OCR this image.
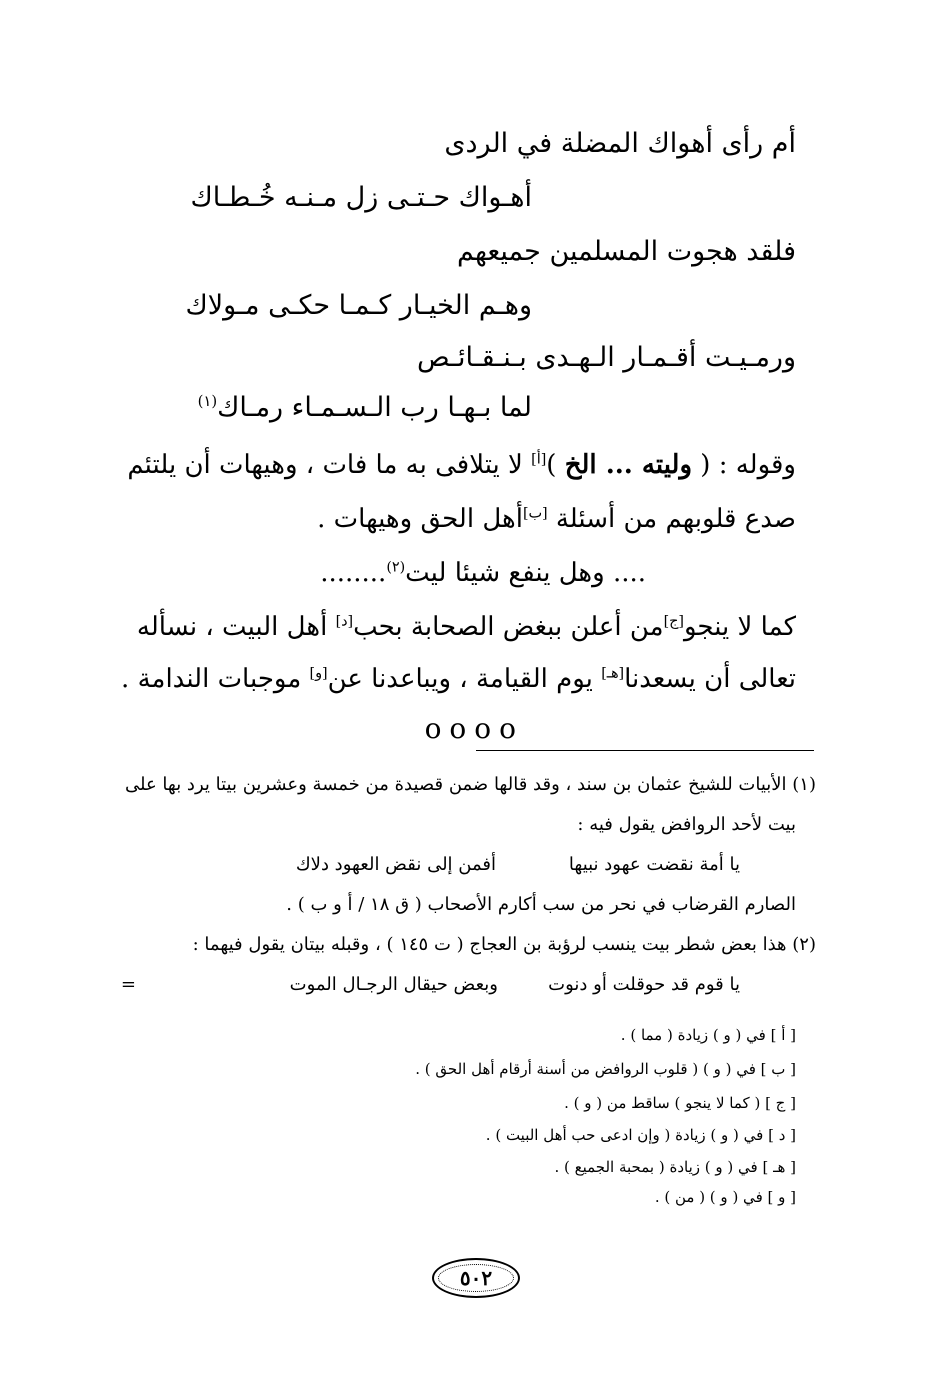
أم رأى أهواك المضلة في الردى
أهـواك حـتـى زل مـنـه خُـطـاك
فلقد هجوت المسلمين جميعهم
وهـم الخيـار كـمـا حكـى مـولاك
ورمـيـت أقـمـار الـهـدى بـنـقـائـص
لما بـهـا رب الـسـمـاء رمـاك$^{(١)}$
وقوله : ( وليته ... الخ )[أ] لا يتلافى به ما فات ، وهيهات أن يلتئم
صدع قلوبهم من أسئلة [ب]أهل الحق وهيهات .
.... وهل ينفع شيئا ليت$^{(٢)}$........
كما لا ينجو[ج]من أعلن ببغض الصحابة بحب[د] أهل البيت ، نسأله
تعالى أن يسعدنا[هـ] يوم القيامة ، ويباعدنا عن[و] موجبات الندامة .
oooo
(١) الأبيات للشيخ عثمان بن سند ، وقد قالها ضمن قصيدة من خمسة وعشرين بيتا يرد بها على
بيت لأحد الروافض يقول فيه :
يا أمة نقضت عهود نبيها
أفمن إلى نقض العهود دلاك
الصارم القرضاب في نحر من سب أكارم الأصحاب ( ق ١٨ / أ و ب ) .
(٢) هذا بعض شطر بيت ينسب لرؤبة بن العجاج ( ت ١٤٥ ) ، وقبله بيتان يقول فيهما :
يا قوم قد حوقلت أو دنوت
وبعض حيقال الرجـال الموت
=
[ أ ] في ( و ) زيادة ( مما ) .
[ ب ] في ( و ) ( قلوب الروافض من أسنة أرقام أهل الحق ) .
[ ج ] ( كما لا ينجو ) ساقط من ( و ) .
[ د ] في ( و ) زيادة ( وإن ادعى حب أهل البيت ) .
[ هـ ] في ( و ) زيادة ( بمحبة الجميع ) .
[ و ] في ( و ) ( من ) .
٥٠٢
